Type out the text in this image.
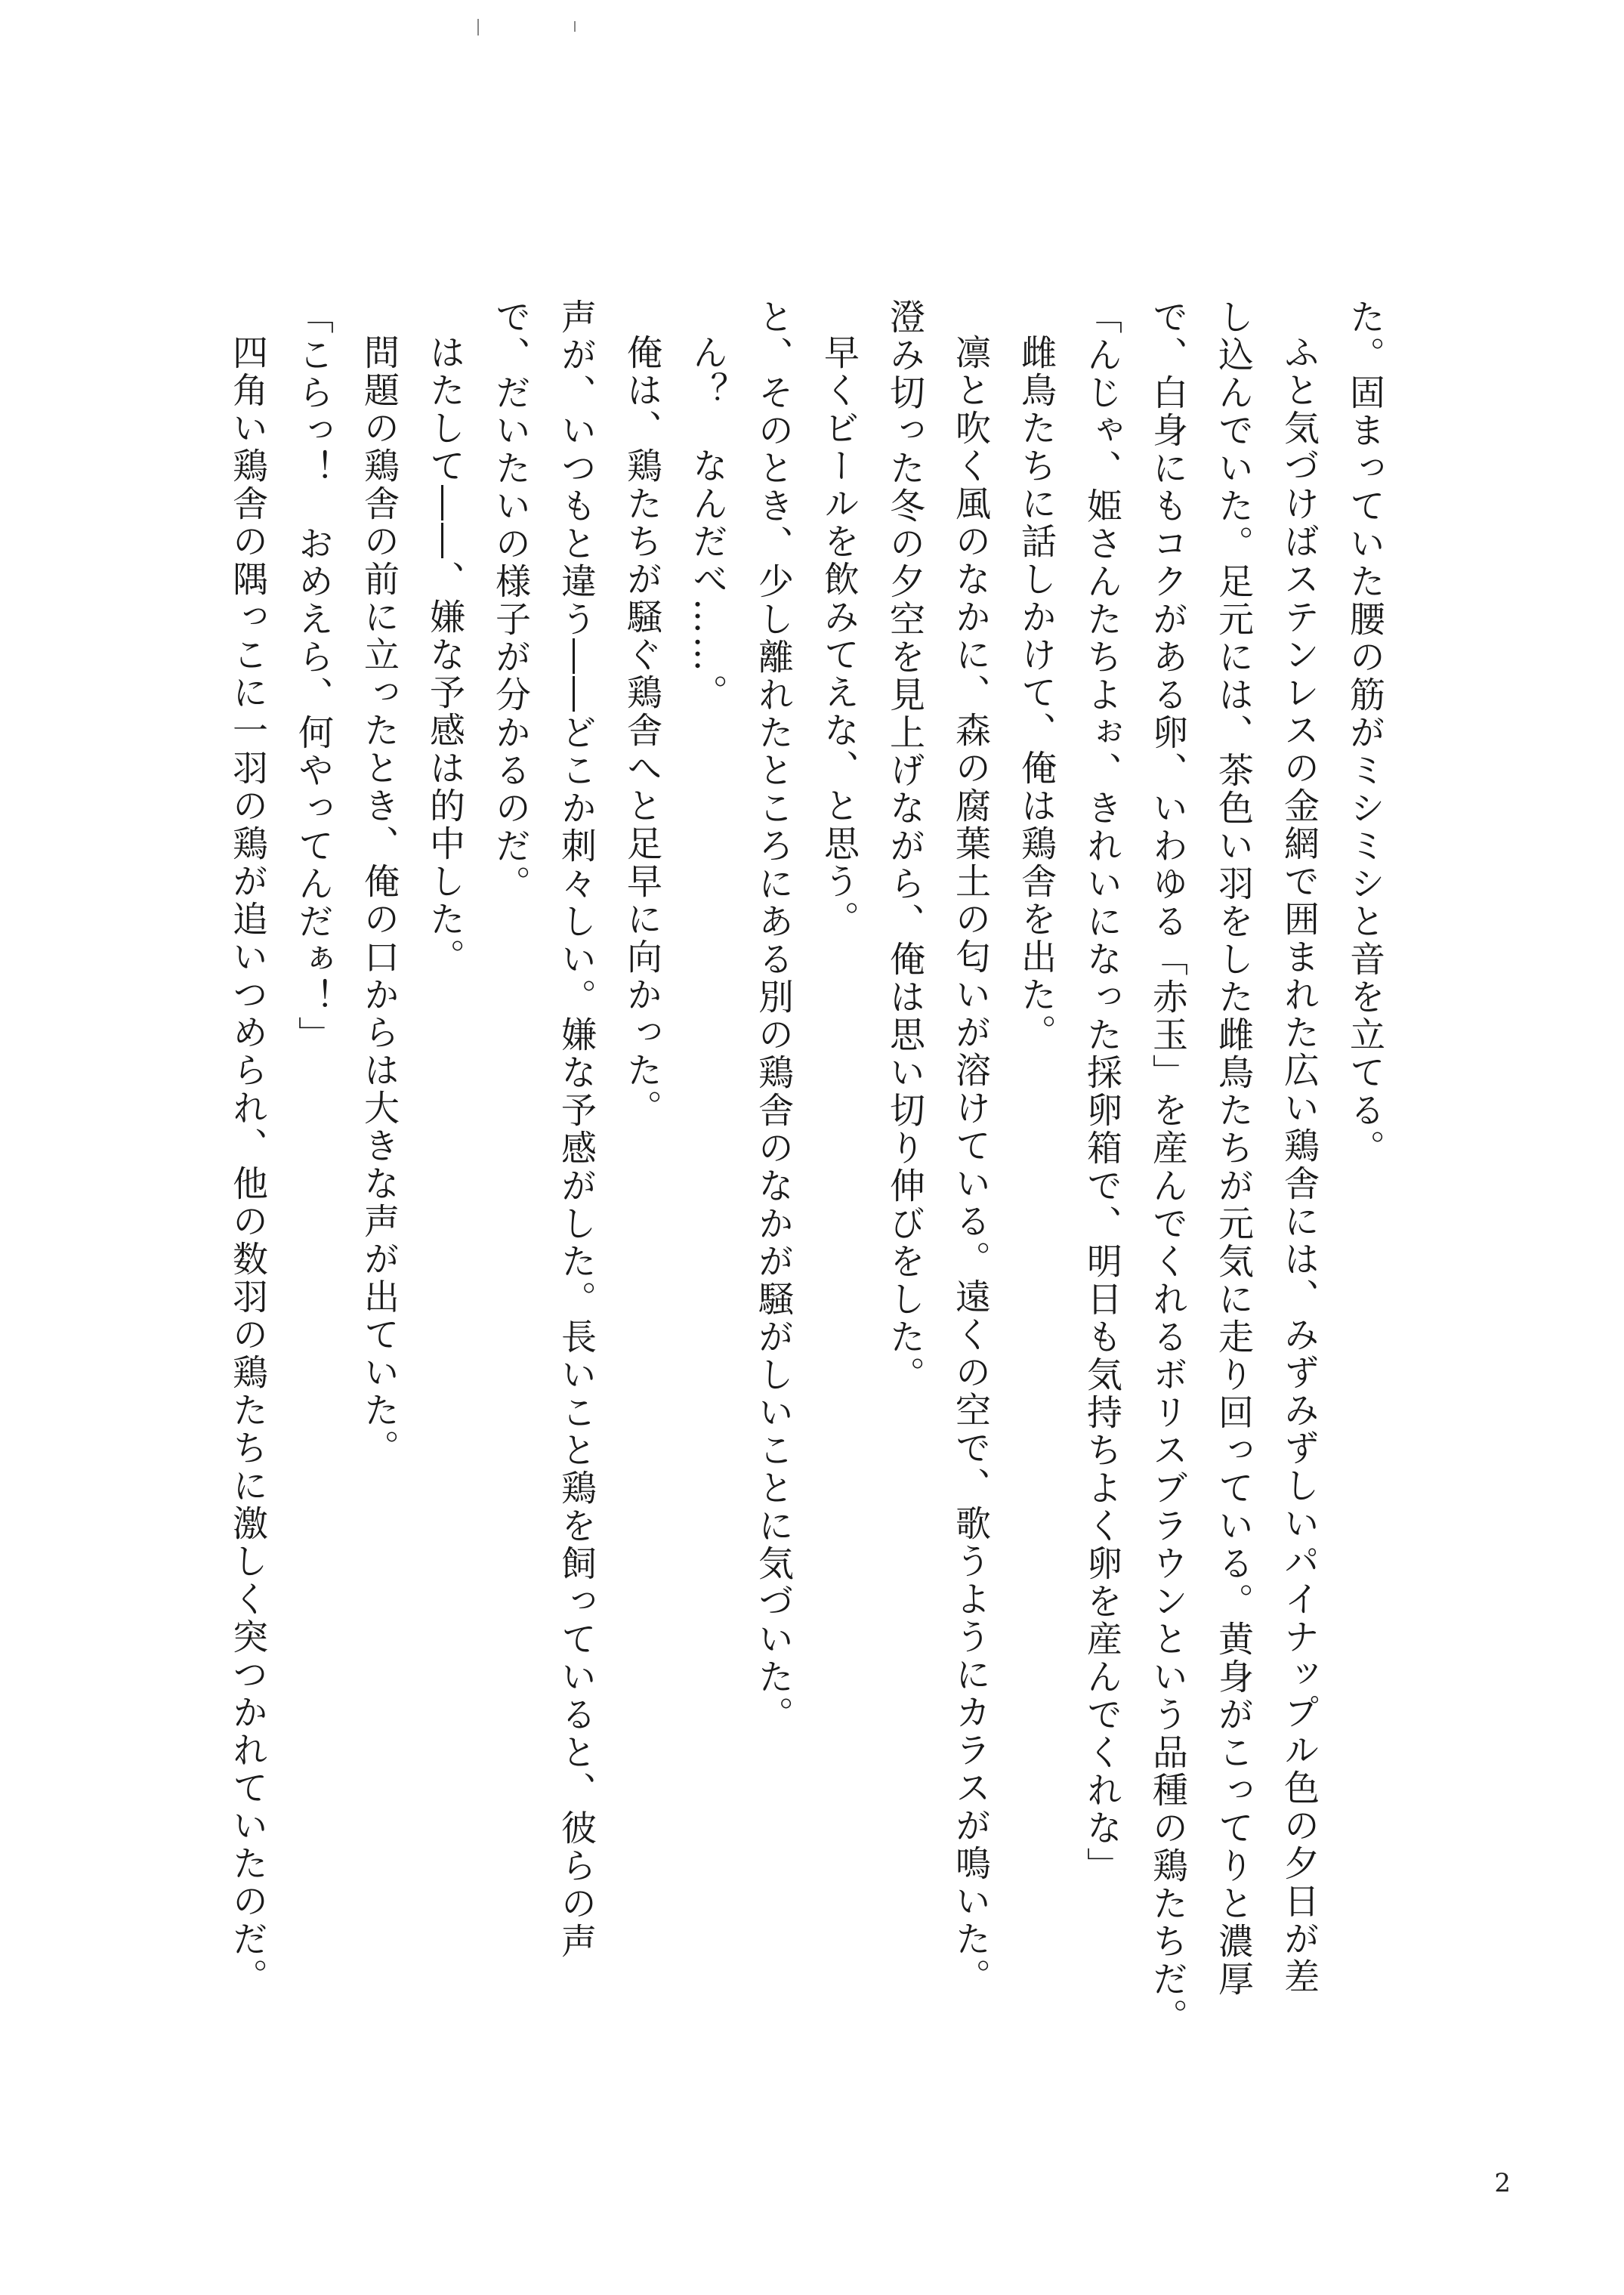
た。固まっていた腰の筋がミシミシと音を立てる。

ふと気づけばステンレスの金網で囲まれた広い鶏舎には、みずみずしいパイナップル色の夕日が差

し込んでいた。足元には、茶色い羽をした雌鳥たちが元気に走り回っている。黄身がこってりと濃厚

で、白身にもコクがある卵、いわゆる「赤玉」を産んでくれるボリスブラウンという品種の鶏たちだ。

「んじゃ、姫さんたちよぉ、きれいになった採卵箱で、明日も気持ちよく卵を産んでくれな」

雌鳥たちに話しかけて、俺は鶏舎を出た。

凛と吹く風のなかに、森の腐葉土の匂いが溶けている。遠くの空で、歌うようにカラスが鳴いた。

澄み切った冬の夕空を見上げながら、俺は思い切り伸びをした。

早くビールを飲みてえな、と思う。

と、そのとき、少し離れたところにある別の鶏舎のなかが騒がしいことに気づいた。

ん？　なんだべ……。

俺は、鶏たちが騒ぐ鶏舎へと足早に向かった。

声が、いつもと違う――どこか刺々しい。嫌な予感がした。長いこと鶏を飼っていると、彼らの声

で、だいたいの様子が分かるのだ。

はたして――、嫌な予感は的中した。

問題の鶏舎の前に立ったとき、俺の口からは大きな声が出ていた。

「こらっ！　おめえら、何やってんだぁ！」

四角い鶏舎の隅っこに一羽の鶏が追いつめられ、他の数羽の鶏たちに激しく突つかれていたのだ。

2
